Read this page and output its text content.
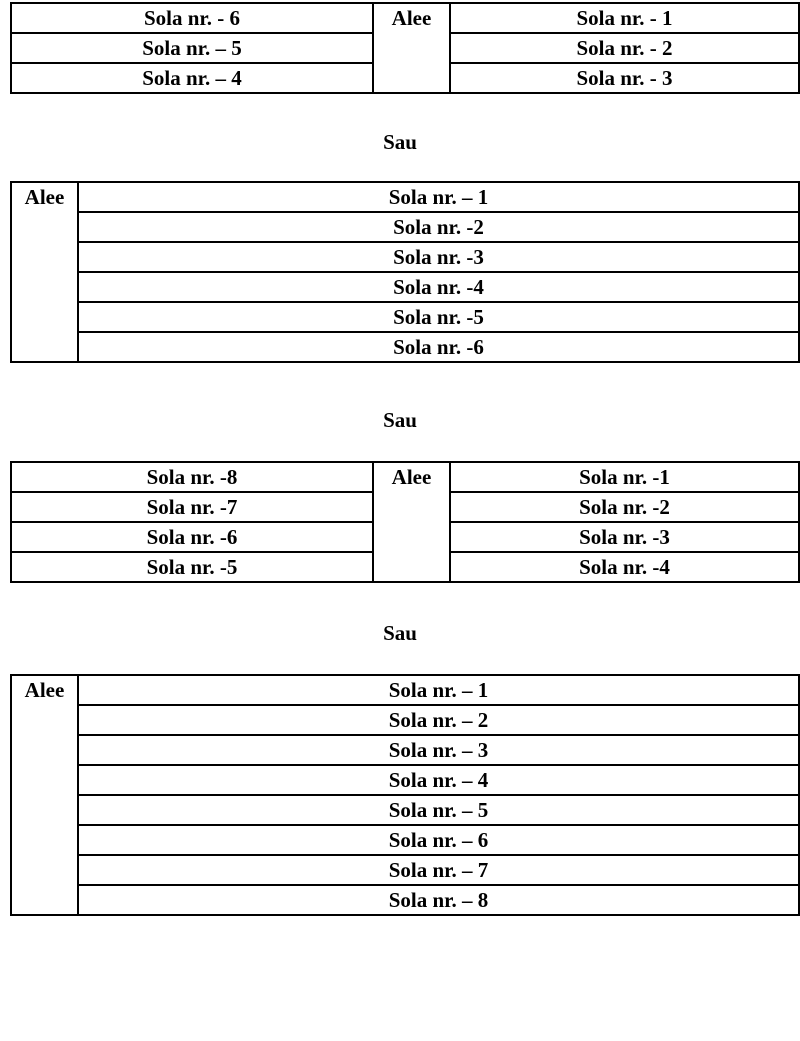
Sola nr. - 6	Alee	Sola nr. - 1
Sola nr. – 5		Sola nr. - 2
Sola nr. – 4		Sola nr. - 3
Sau
Alee	Sola nr. – 1
Sola nr. -2
Sola nr. -3
Sola nr. -4
Sola nr. -5
Sola nr. -6
Sau
Sola nr. -8	Alee	Sola nr. -1
Sola nr. -7		Sola nr. -2
Sola nr. -6		Sola nr. -3
Sola nr. -5		Sola nr. -4
Sau
Alee	Sola nr. – 1
Sola nr. – 2
Sola nr. – 3
Sola nr. – 4
Sola nr. – 5
Sola nr. – 6
Sola nr. – 7
Sola nr. – 8
